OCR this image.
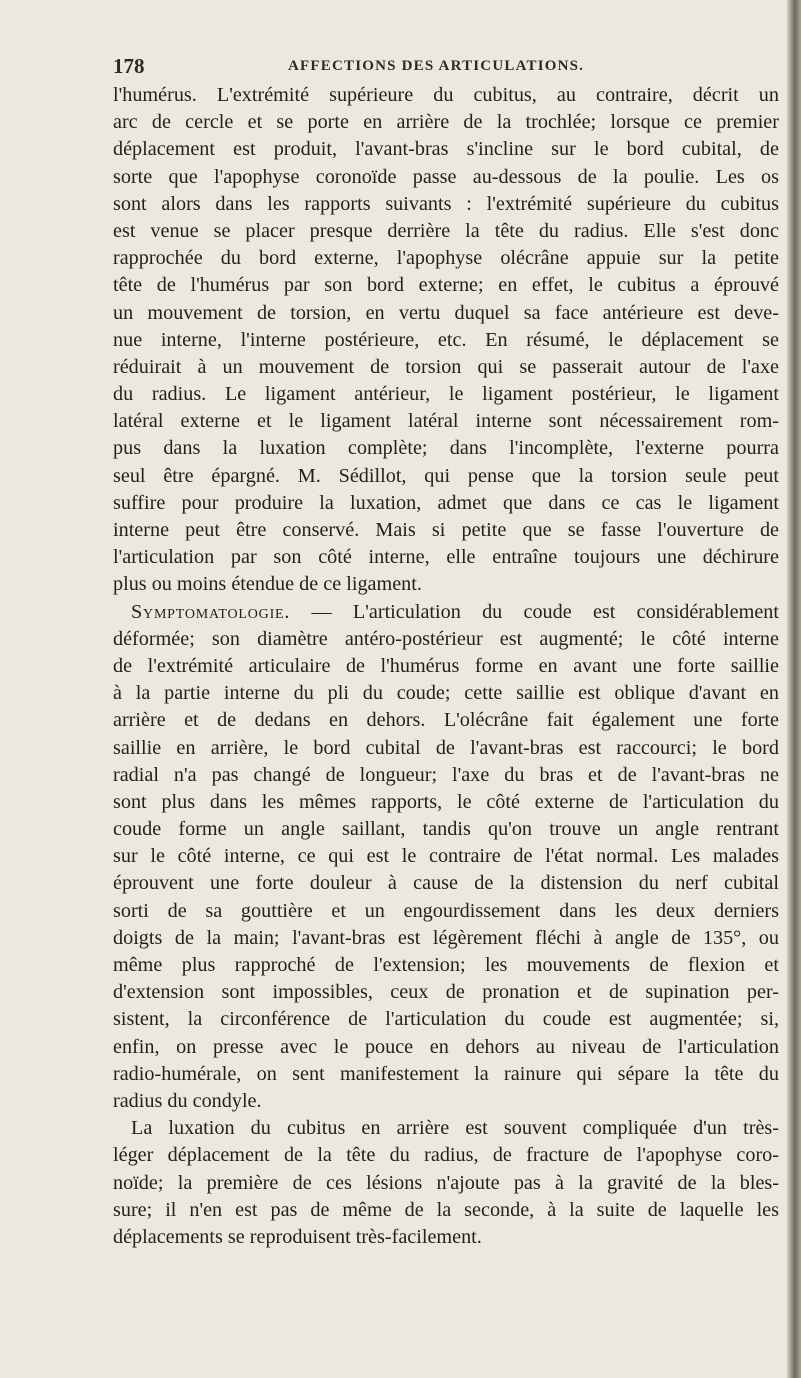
178	AFFECTIONS DES ARTICULATIONS.
l'humérus. L'extrémité supérieure du cubitus, au contraire, décrit un
arc de cercle et se porte en arrière de la trochlée; lorsque ce premier
déplacement est produit, l'avant-bras s'incline sur le bord cubital, de
sorte que l'apophyse coronoïde passe au-dessous de la poulie. Les os
sont alors dans les rapports suivants : l'extrémité supérieure du cubitus
est venue se placer presque derrière la tête du radius. Elle s'est donc
rapprochée du bord externe, l'apophyse olécrâne appuie sur la petite
tête de l'humérus par son bord externe; en effet, le cubitus a éprouvé
un mouvement de torsion, en vertu duquel sa face antérieure est deve-
nue interne, l'interne postérieure, etc. En résumé, le déplacement se
réduirait à un mouvement de torsion qui se passerait autour de l'axe
du radius. Le ligament antérieur, le ligament postérieur, le ligament
latéral externe et le ligament latéral interne sont nécessairement rom-
pus dans la luxation complète; dans l'incomplète, l'externe pourra
seul être épargné. M. Sédillot, qui pense que la torsion seule peut
suffire pour produire la luxation, admet que dans ce cas le ligament
interne peut être conservé. Mais si petite que se fasse l'ouverture de
l'articulation par son côté interne, elle entraîne toujours une déchirure
plus ou moins étendue de ce ligament.
Symptomatologie. — L'articulation du coude est considérablement
déformée; son diamètre antéro-postérieur est augmenté; le côté interne
de l'extrémité articulaire de l'humérus forme en avant une forte saillie
à la partie interne du pli du coude; cette saillie est oblique d'avant en
arrière et de dedans en dehors. L'olécrâne fait également une forte
saillie en arrière, le bord cubital de l'avant-bras est raccourci; le bord
radial n'a pas changé de longueur; l'axe du bras et de l'avant-bras ne
sont plus dans les mêmes rapports, le côté externe de l'articulation du
coude forme un angle saillant, tandis qu'on trouve un angle rentrant
sur le côté interne, ce qui est le contraire de l'état normal. Les malades
éprouvent une forte douleur à cause de la distension du nerf cubital
sorti de sa gouttière et un engourdissement dans les deux derniers
doigts de la main; l'avant-bras est légèrement fléchi à angle de 135°, ou
même plus rapproché de l'extension; les mouvements de flexion et
d'extension sont impossibles, ceux de pronation et de supination per-
sistent, la circonférence de l'articulation du coude est augmentée; si,
enfin, on presse avec le pouce en dehors au niveau de l'articulation
radio-humérale, on sent manifestement la rainure qui sépare la tête du
radius du condyle.
La luxation du cubitus en arrière est souvent compliquée d'un très-
léger déplacement de la tête du radius, de fracture de l'apophyse coro-
noïde; la première de ces lésions n'ajoute pas à la gravité de la bles-
sure; il n'en est pas de même de la seconde, à la suite de laquelle les
déplacements se reproduisent très-facilement.
